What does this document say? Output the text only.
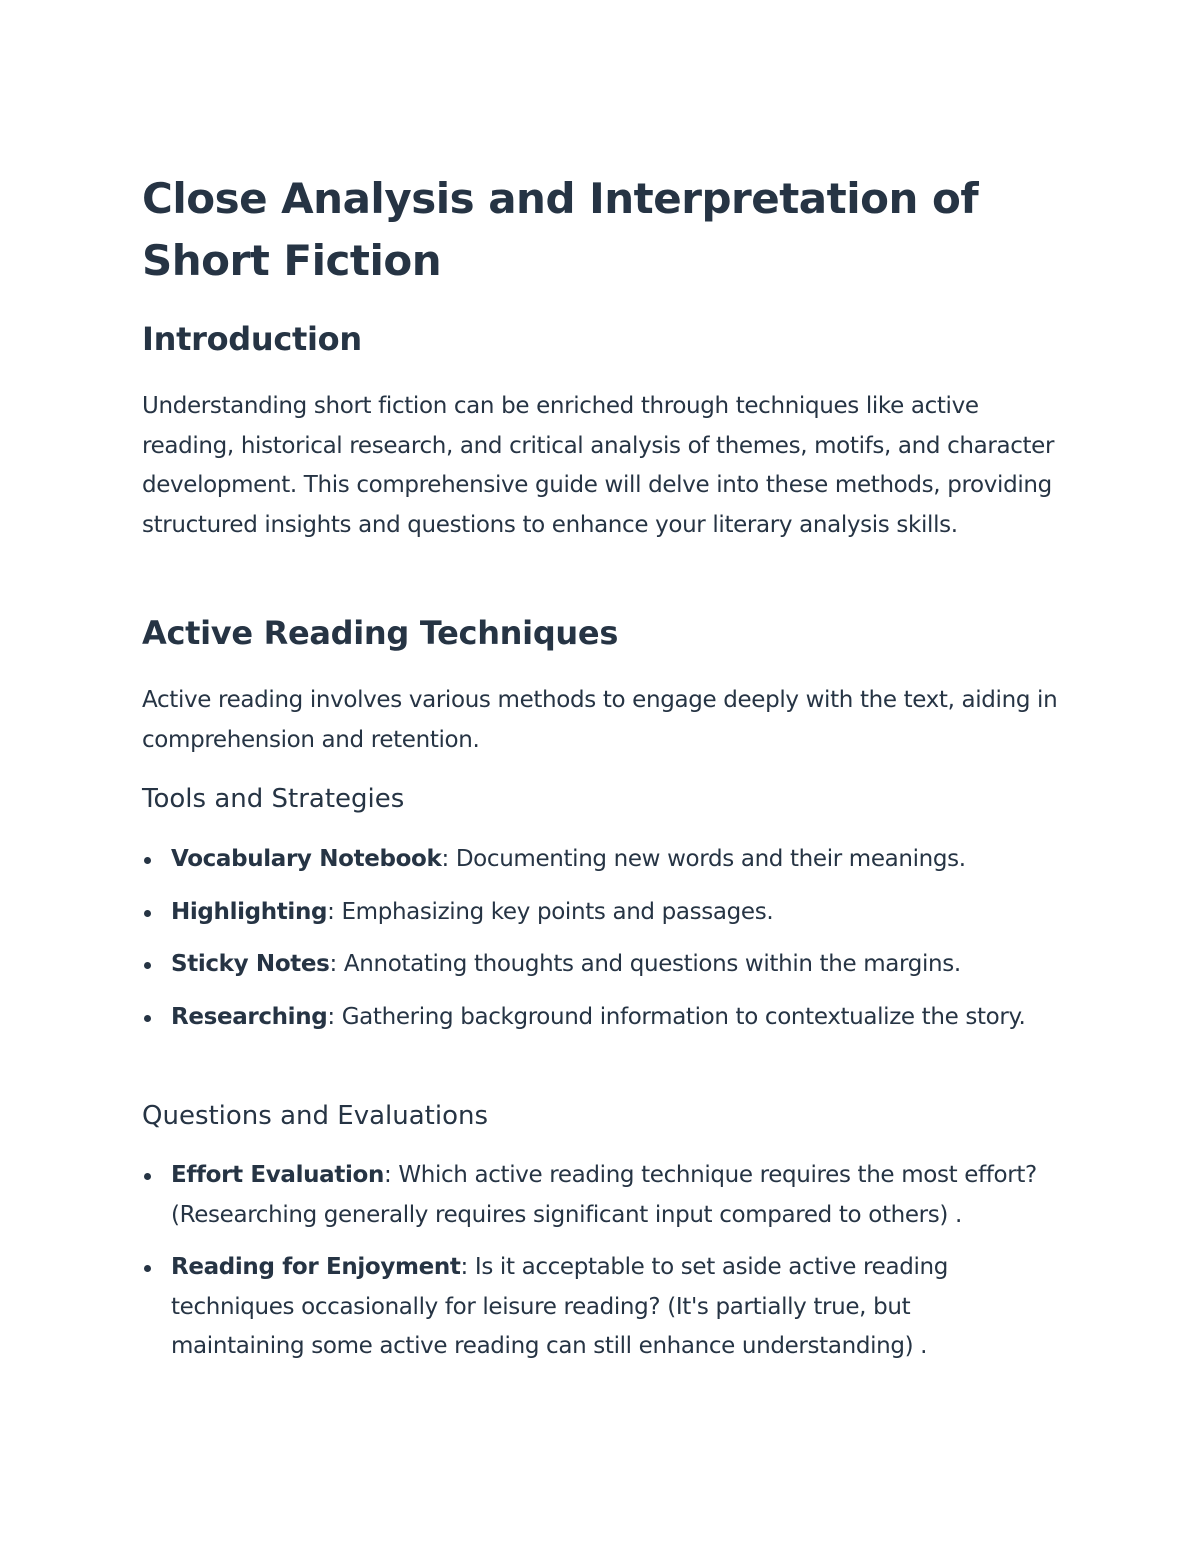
Close Analysis and Interpretation of Short Fiction
Introduction

Understanding short fiction can be enriched through techniques like active reading, historical research, and critical analysis of themes, motifs, and character development. This comprehensive guide will delve into these methods, providing structured insights and questions to enhance your literary analysis skills.

Active Reading Techniques

Active reading involves various methods to engage deeply with the text, aiding in comprehension and retention.

Tools and Strategies
Vocabulary Notebook: Documenting new words and their meanings.
Highlighting: Emphasizing key points and passages.
Sticky Notes: Annotating thoughts and questions within the margins.
Researching: Gathering background information to contextualize the story.
Questions and Evaluations
Effort Evaluation: Which active reading technique requires the most effort? (Researching generally requires significant input compared to others) .
Reading for Enjoyment: Is it acceptable to set aside active reading techniques occasionally for leisure reading? (It's partially true, but maintaining some active reading can still enhance understanding) .
